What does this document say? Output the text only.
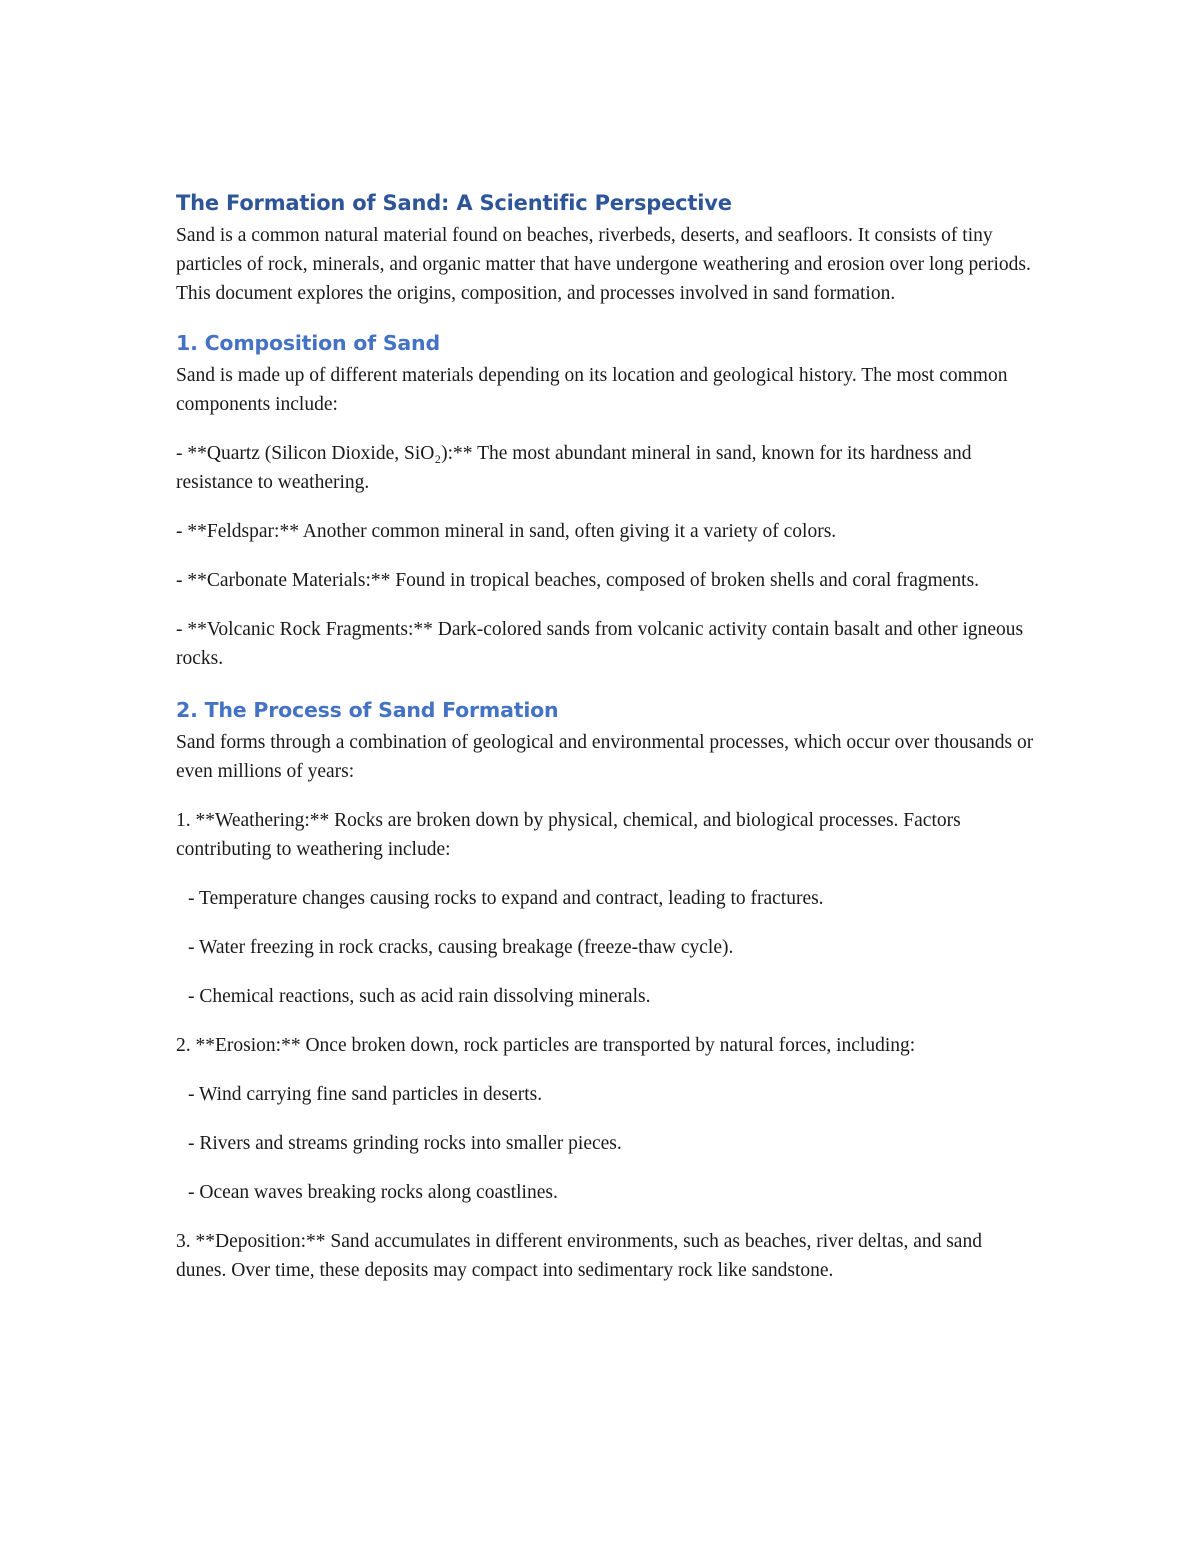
The Formation of Sand: A Scientific Perspective

Sand is a common natural material found on beaches, riverbeds, deserts, and seafloors. It consists of tiny particles of rock, minerals, and organic matter that have undergone weathering and erosion over long periods. This document explores the origins, composition, and processes involved in sand formation.

1. Composition of Sand

Sand is made up of different materials depending on its location and geological history. The most common components include:

- **Quartz (Silicon Dioxide, SiO₂):** The most abundant mineral in sand, known for its hardness and resistance to weathering.

- **Feldspar:** Another common mineral in sand, often giving it a variety of colors.

- **Carbonate Materials:** Found in tropical beaches, composed of broken shells and coral fragments.

- **Volcanic Rock Fragments:** Dark-colored sands from volcanic activity contain basalt and other igneous rocks.

2. The Process of Sand Formation

Sand forms through a combination of geological and environmental processes, which occur over thousands or even millions of years:

1. **Weathering:** Rocks are broken down by physical, chemical, and biological processes. Factors contributing to weathering include:

- Temperature changes causing rocks to expand and contract, leading to fractures.

- Water freezing in rock cracks, causing breakage (freeze-thaw cycle).

- Chemical reactions, such as acid rain dissolving minerals.

2. **Erosion:** Once broken down, rock particles are transported by natural forces, including:

- Wind carrying fine sand particles in deserts.

- Rivers and streams grinding rocks into smaller pieces.

- Ocean waves breaking rocks along coastlines.

3. **Deposition:** Sand accumulates in different environments, such as beaches, river deltas, and sand dunes. Over time, these deposits may compact into sedimentary rock like sandstone.
